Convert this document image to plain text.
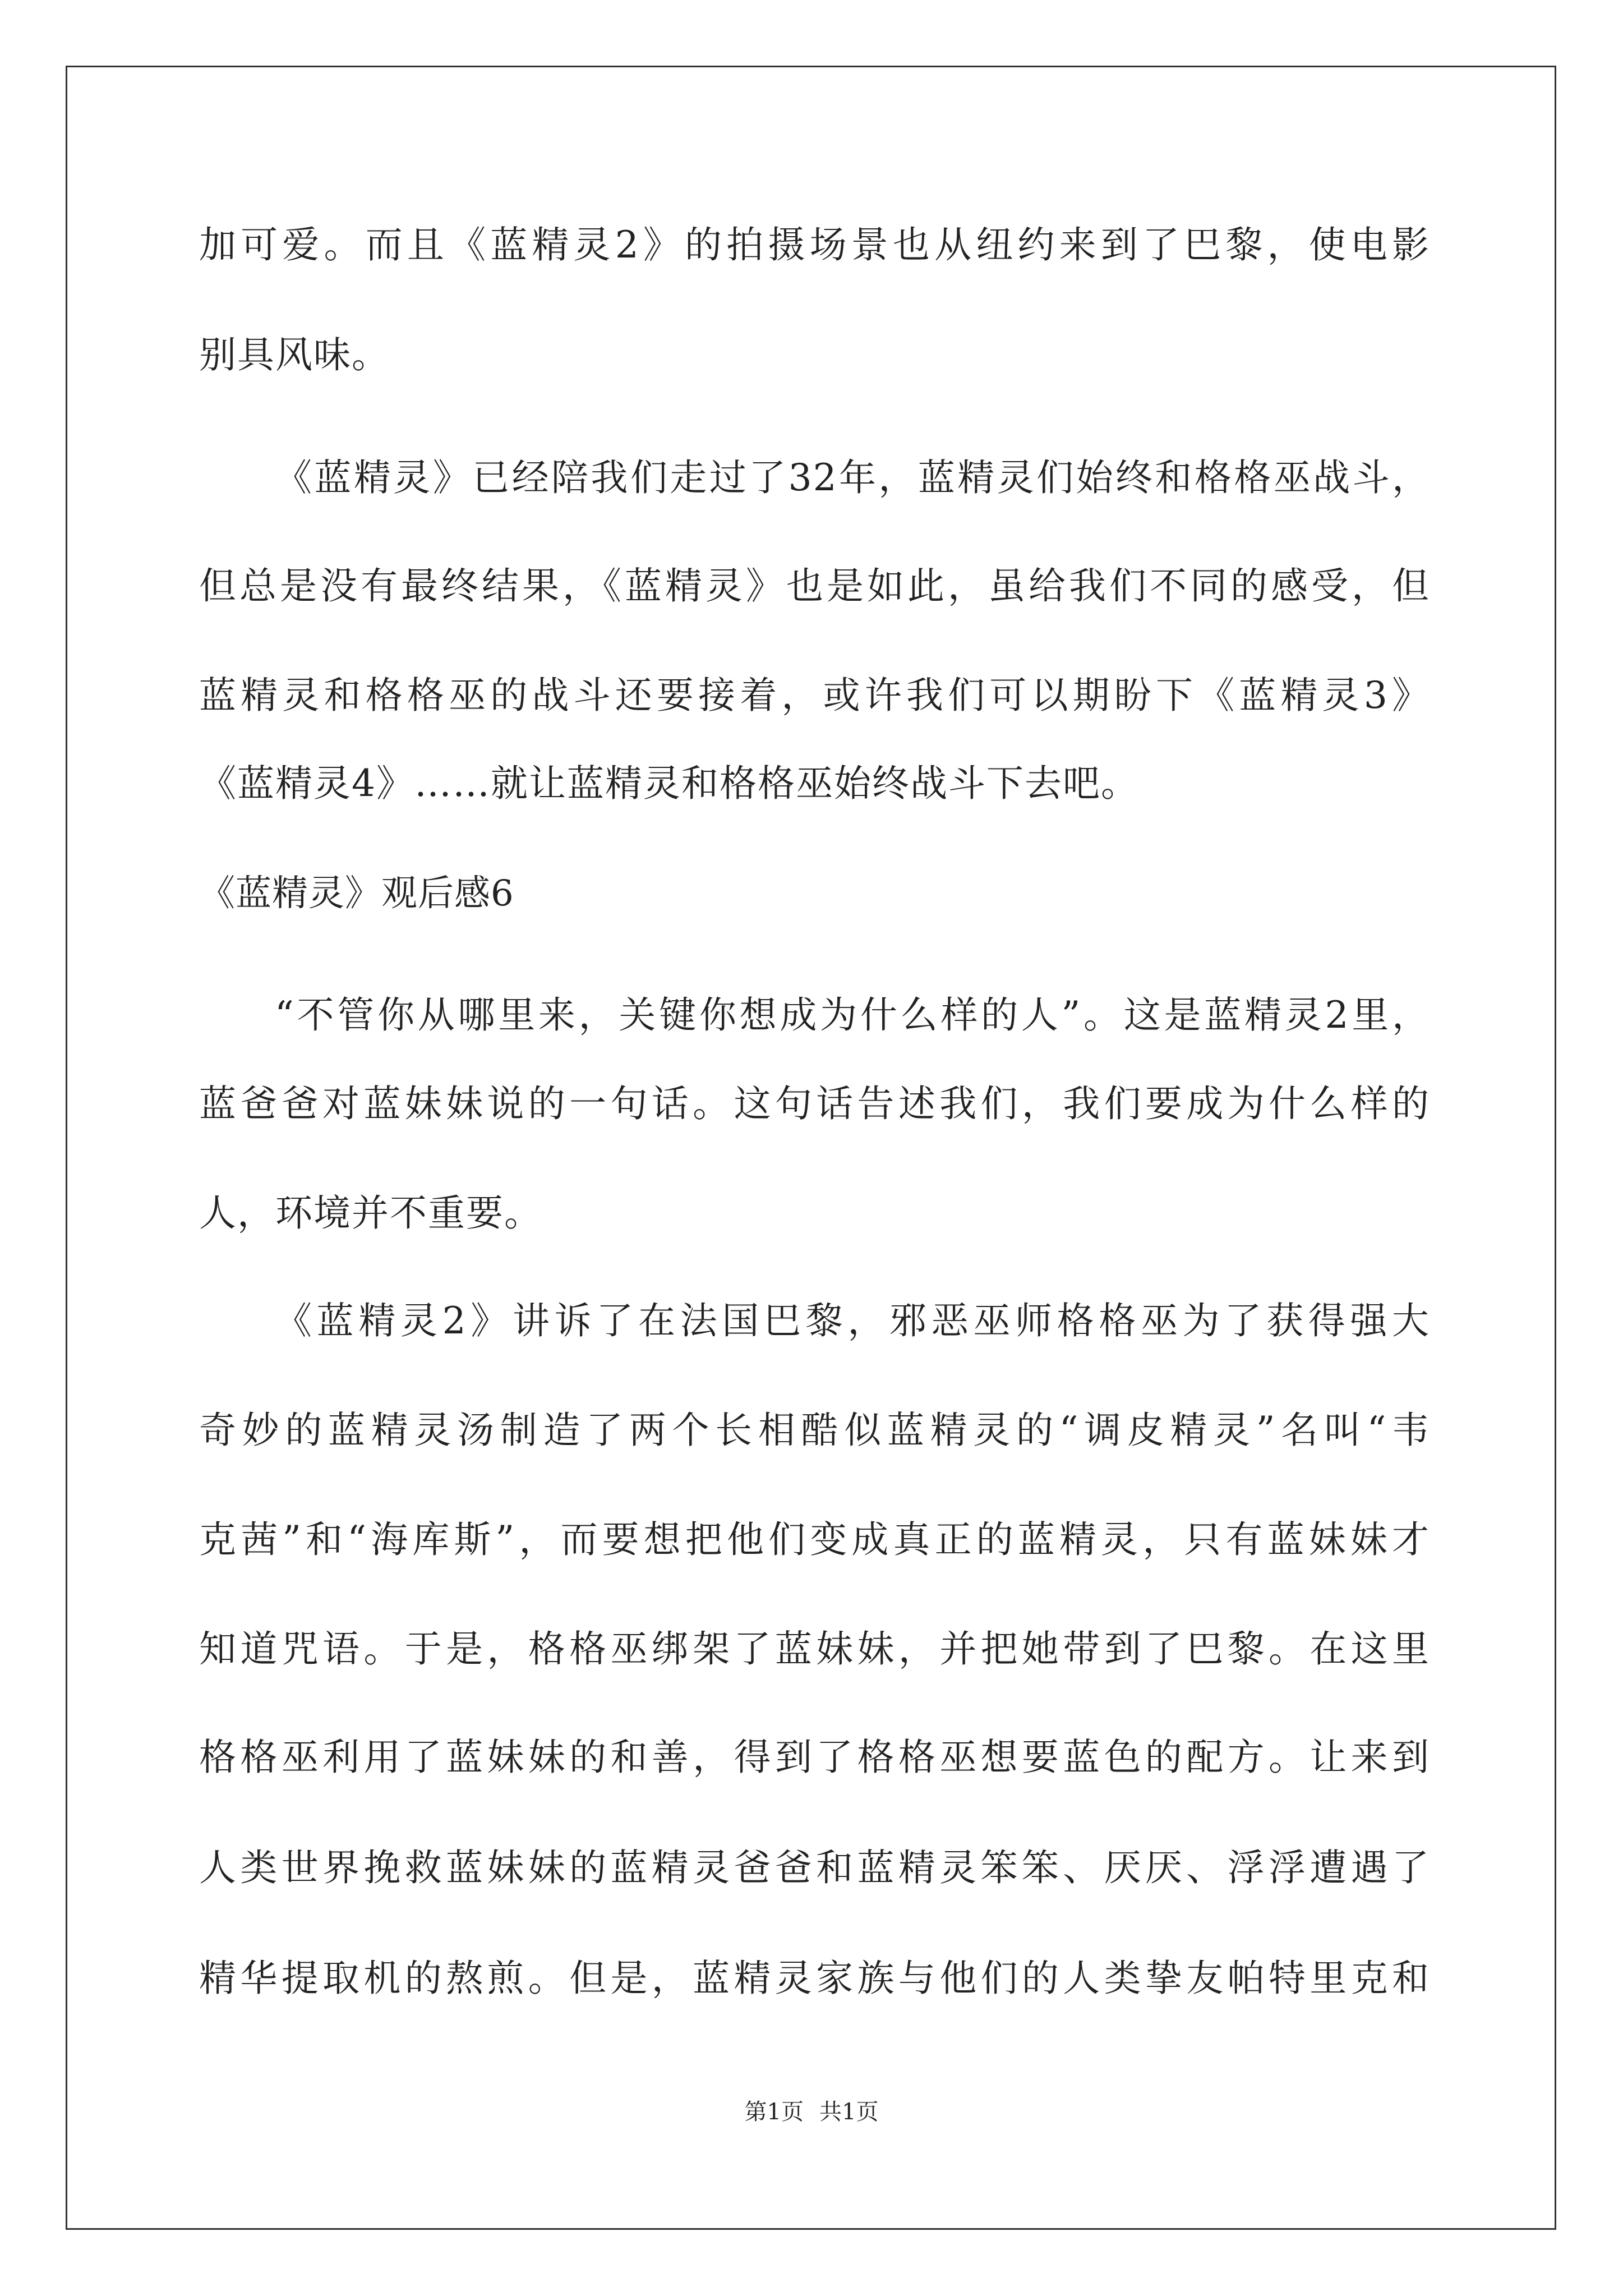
加可爱。而且《蓝精灵2》的拍摄场景也从纽约来到了巴黎，使电影
别具风味。
《蓝精灵》已经陪我们走过了32年，蓝精灵们始终和格格巫战斗，
但总是没有最终结果，《蓝精灵》也是如此，虽给我们不同的感受，但
蓝精灵和格格巫的战斗还要接着，或许我们可以期盼下《蓝精灵3》
《蓝精灵4》……就让蓝精灵和格格巫始终战斗下去吧。
《蓝精灵》观后感6
“不管你从哪里来，关键你想成为什么样的人”。这是蓝精灵2里，
蓝爸爸对蓝妹妹说的一句话。这句话告述我们，我们要成为什么样的
人，环境并不重要。
《蓝精灵2》讲诉了在法国巴黎，邪恶巫师格格巫为了获得强大
奇妙的蓝精灵汤制造了两个长相酷似蓝精灵的“调皮精灵”名叫“韦
克茜”和“海库斯”，而要想把他们变成真正的蓝精灵，只有蓝妹妹才
知道咒语。于是，格格巫绑架了蓝妹妹，并把她带到了巴黎。在这里
格格巫利用了蓝妹妹的和善，得到了格格巫想要蓝色的配方。让来到
人类世界挽救蓝妹妹的蓝精灵爸爸和蓝精灵笨笨、厌厌、浮浮遭遇了
精华提取机的熬煎。但是，蓝精灵家族与他们的人类挚友帕特里克和
第1页 共1页
